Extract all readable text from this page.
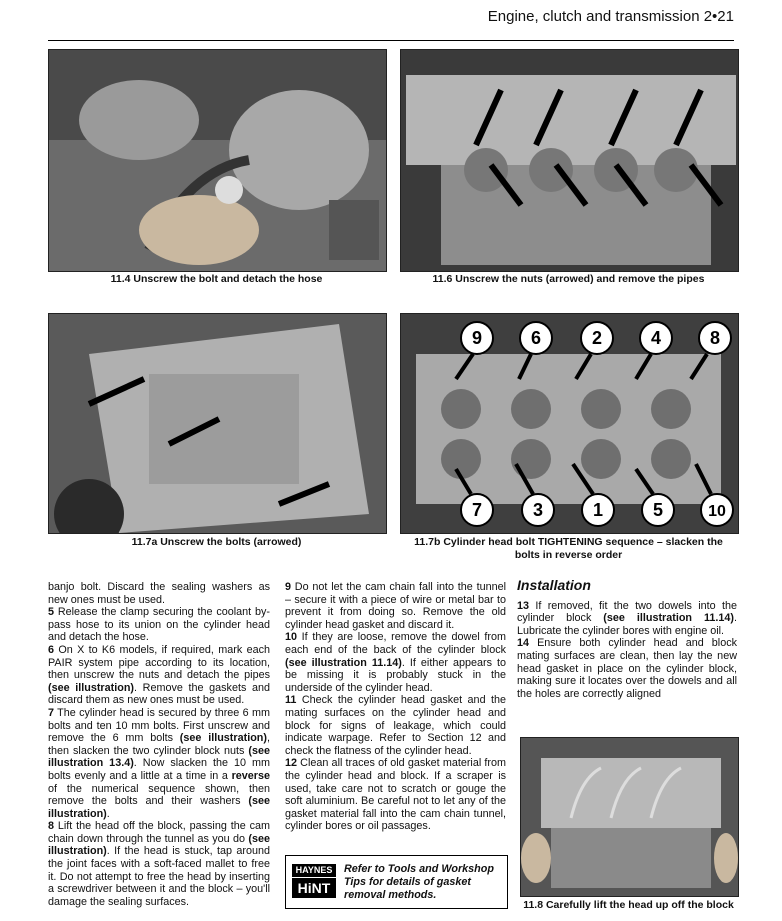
Engine, clutch and transmission 2•21
11.4 Unscrew the bolt and detach the hose	11.6 Unscrew the nuts (arrowed) and remove the pipes
11.7a Unscrew the bolts (arrowed)
9	6	2	4	8
7	3	1	5	10
11.7b Cylinder head bolt TIGHTENING sequence – slacken the
bolts in reverse order

banjo bolt. Discard the sealing washers as new ones must be used.

5 Release the clamp securing the coolant by-pass hose to its union on the cylinder head and detach the hose.

6 On X to K6 models, if required, mark each PAIR system pipe according to its location, then unscrew the nuts and detach the pipes (see illustration). Remove the gaskets and discard them as new ones must be used.

7 The cylinder head is secured by three 6 mm bolts and ten 10 mm bolts. First unscrew and remove the 6 mm bolts (see illustration), then slacken the two cylinder block nuts (see illustration 13.4). Now slacken the 10 mm bolts evenly and a little at a time in a reverse of the numerical sequence shown, then remove the bolts and their washers (see illustration).

8 Lift the head off the block, passing the cam chain down through the tunnel as you do (see illustration). If the head is stuck, tap around the joint faces with a soft-faced mallet to free it. Do not attempt to free the head by inserting a screwdriver between it and the block – you'll damage the sealing surfaces.

9 Do not let the cam chain fall into the tunnel – secure it with a piece of wire or metal bar to prevent it from doing so. Remove the old cylinder head gasket and discard it.

10 If they are loose, remove the dowel from each end of the back of the cylinder block (see illustration 11.14). If either appears to be missing it is probably stuck in the underside of the cylinder head.

11 Check the cylinder head gasket and the mating surfaces on the cylinder head and block for signs of leakage, which could indicate warpage. Refer to Section 12 and check the flatness of the cylinder head.

12 Clean all traces of old gasket material from the cylinder head and block. If a scraper is used, take care not to scratch or gouge the soft aluminium. Be careful not to let any of the gasket material fall into the cam chain tunnel, cylinder bores or oil passages.

HAYNES
HiNT
Refer to Tools and Workshop Tips for details of gasket removal methods.
Installation

13 If removed, fit the two dowels into the cylinder block (see illustration 11.14). Lubricate the cylinder bores with engine oil.

14 Ensure both cylinder head and block mating surfaces are clean, then lay the new head gasket in place on the cylinder block, making sure it locates over the dowels and all the holes are correctly aligned

11.8 Carefully lift the head up off the block
